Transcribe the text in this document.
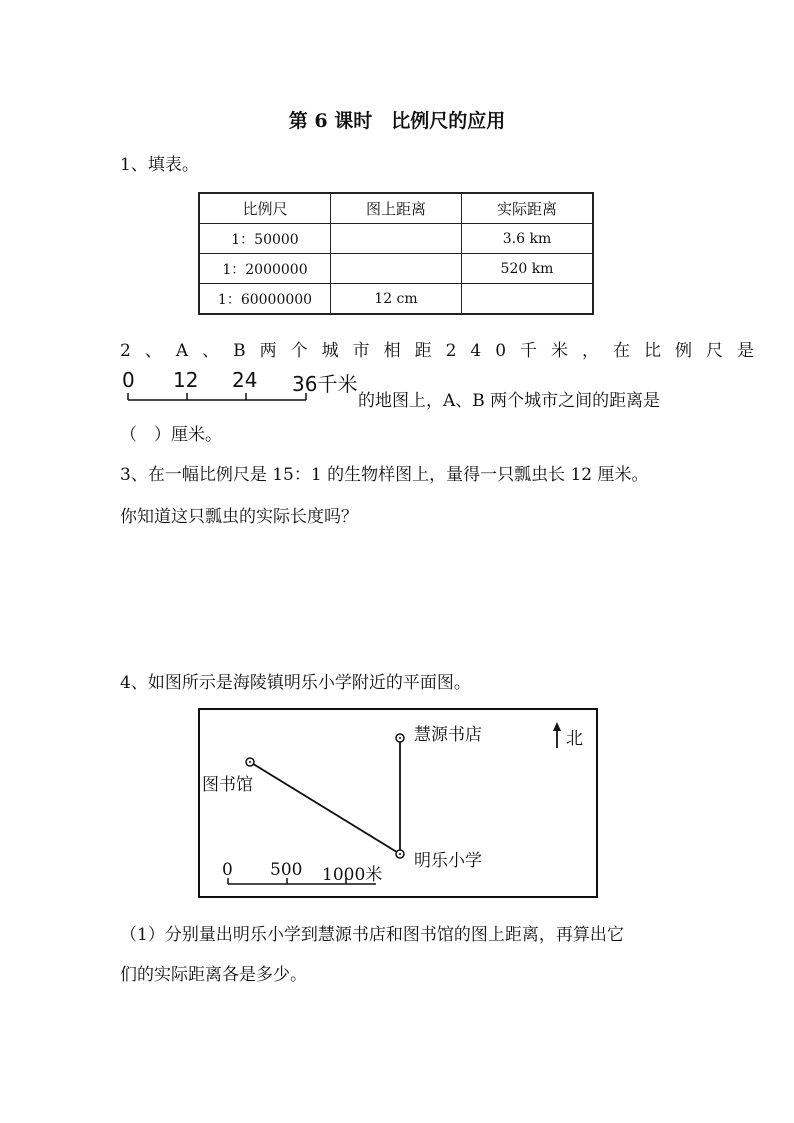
第 6 课时　比例尺的应用
1、填表。
比例尺	图上距离	实际距离
1：50000		3.6 km
1：2000000		520 km
1：60000000	12 cm	
2、A、B两个城市相距240千米，在比例尺是
0 12 24 36千米
的地图上，A、B 两个城市之间的距离是
（　）厘米。
3、在一幅比例尺是 15：1 的生物样图上，量得一只瓢虫长 12 厘米。
你知道这只瓢虫的实际长度吗？
4、如图所示是海陵镇明乐小学附近的平面图。
慧源书店
图书馆
明乐小学
北
0 500 1000米
（1）分别量出明乐小学到慧源书店和图书馆的图上距离，再算出它
们的实际距离各是多少。
